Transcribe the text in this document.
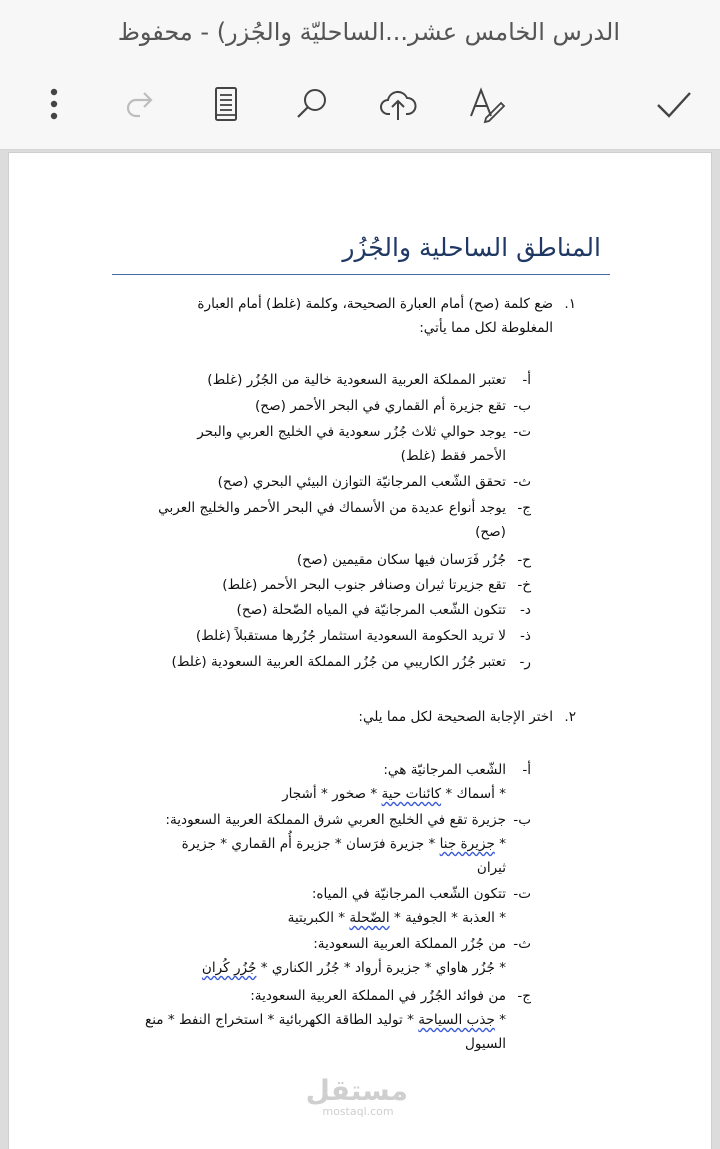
الدرس الخامس عشر...الساحليّة والجُزر) - محفوظ
المناطق الساحلية والجُزُر
١.
ضع كلمة (صح) أمام العبارة الصحيحة، وكلمة (غلط) أمام العبارة
المغلوطة لكل مما يأتي:
أ-
تعتبر المملكة العربية السعودية خالية من الجُزُر (غلط)
ب-
تقع جزيرة أم القماري في البحر الأحمر (صح)
ت-
يوجد حوالي ثلاث جُزُر سعودية في الخليج العربي والبحر
الأحمر فقط (غلط)
ث-
تحقق الشّعب المرجانيّة التوازن البيئي البحري (صح)
ج-
يوجد أنواع عديدة من الأسماك في البحر الأحمر والخليج العربي
(صح)
ح-
جُزُر فَرَسان فيها سكان مقيمين (صح)
خ-
تقع جزيرتا ثيران وصنافر جنوب البحر الأحمر (غلط)
د-
تتكون الشّعب المرجانيّة في المياه الضّحلة (صح)
ذ-
لا تريد الحكومة السعودية استثمار جُزُرها مستقبلاً (غلط)
ر-
تعتبر جُزُر الكاريبي من جُزُر المملكة العربية السعودية (غلط)
٢.
اختر الإجابة الصحيحة لكل مما يلي:
أ-
الشّعب المرجانيّة هي:
* أسماك * كائنات حية * صخور * أشجار
ب-
جزيرة تقع في الخليج العربي شرق المملكة العربية السعودية:
* جزيرة جنا * جزيرة فرَسان * جزيرة أُم القماري * جزيرة
ثيران
ت-
تتكون الشّعب المرجانيّة في المياه:
* العذبة * الجوفية * الضّحلة * الكبريتية
ث-
من جُزُر المملكة العربية السعودية:
* جُزُر هاواي * جزيرة أرواد * جُزُر الكناري * جُزُر كُران
ج-
من فوائد الجُزُر في المملكة العربية السعودية:
* جذب السياحة * توليد الطاقة الكهربائية * استخراج النفط * منع
السيول
مستقل
mostaql.com
